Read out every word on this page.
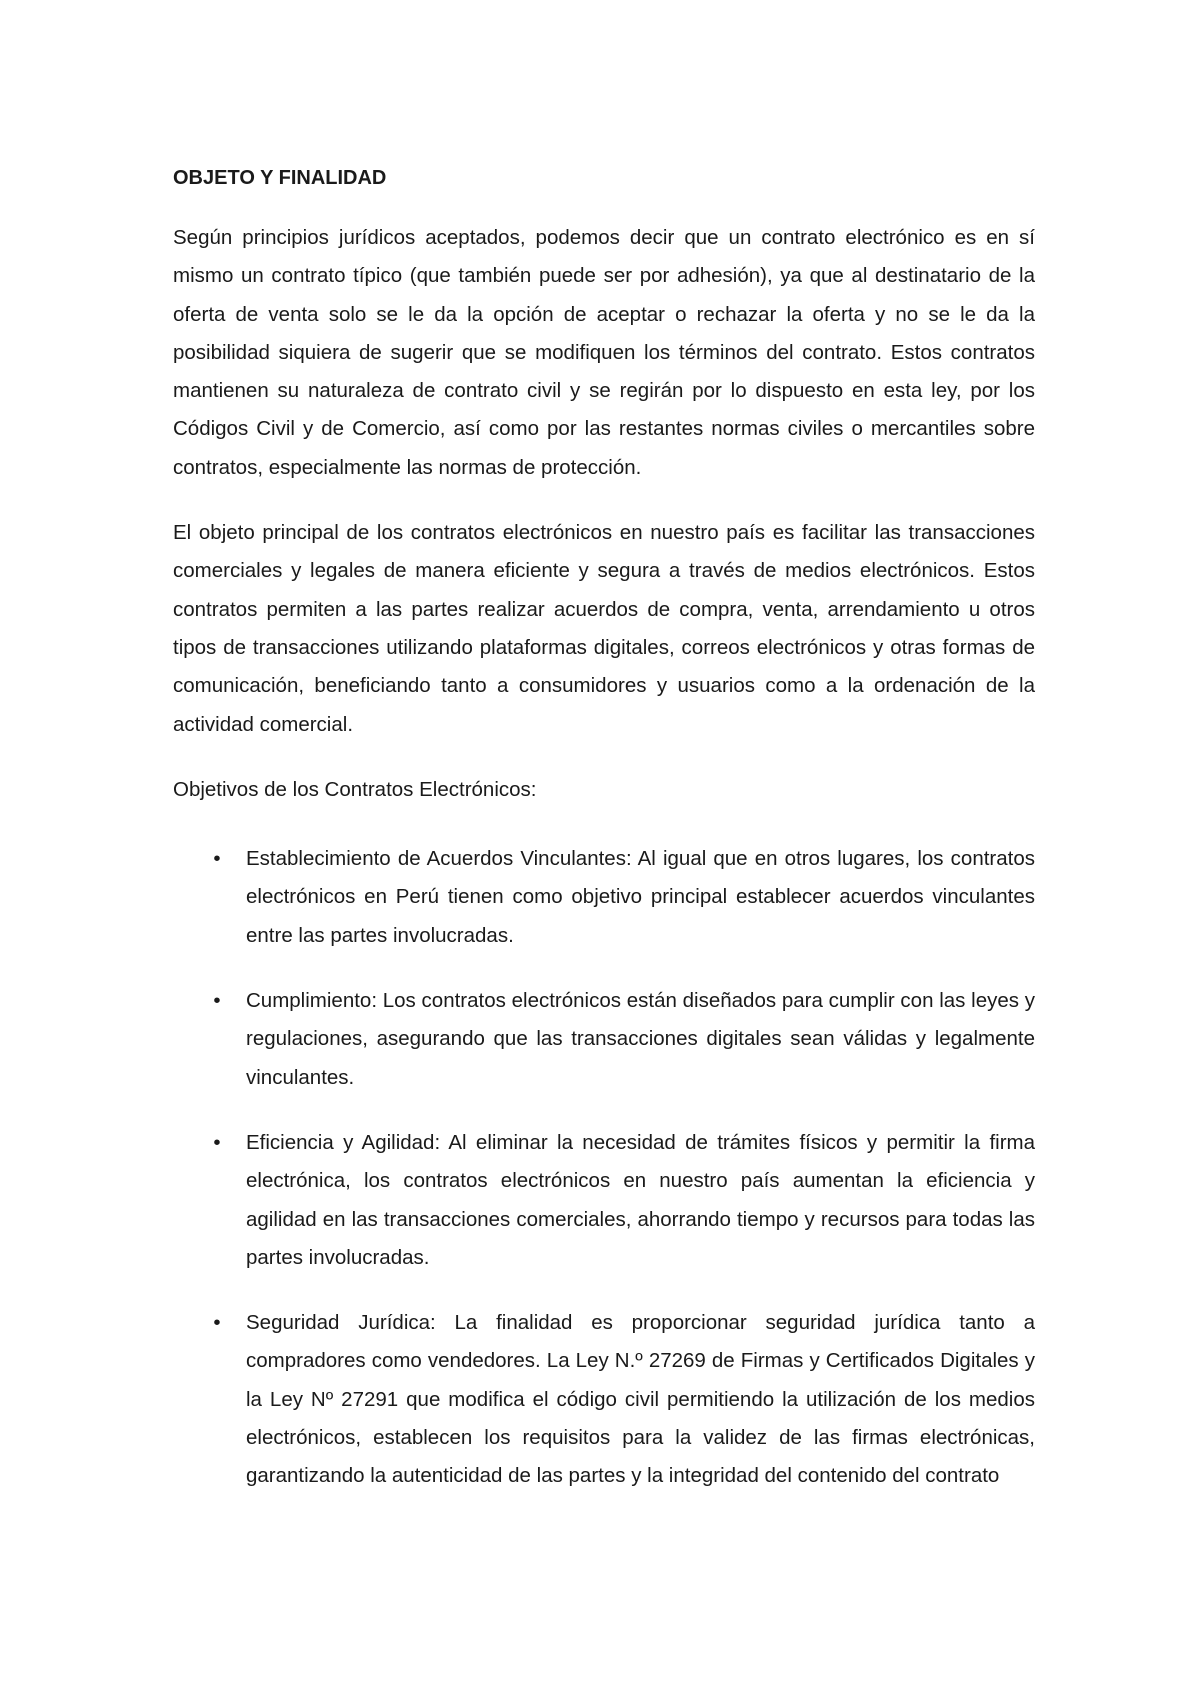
OBJETO Y FINALIDAD

Según principios jurídicos aceptados, podemos decir que un contrato electrónico es en sí mismo un contrato típico (que también puede ser por adhesión), ya que al destinatario de la oferta de venta solo se le da la opción de aceptar o rechazar la oferta y no se le da la posibilidad siquiera de sugerir que se modifiquen los términos del contrato. Estos contratos mantienen su naturaleza de contrato civil y se regirán por lo dispuesto en esta ley, por los Códigos Civil y de Comercio, así como por las restantes normas civiles o mercantiles sobre contratos, especialmente las normas de protección.

El objeto principal de los contratos electrónicos en nuestro país es facilitar las transacciones comerciales y legales de manera eficiente y segura a través de medios electrónicos. Estos contratos permiten a las partes realizar acuerdos de compra, venta, arrendamiento u otros tipos de transacciones utilizando plataformas digitales, correos electrónicos y otras formas de comunicación, beneficiando tanto a consumidores y usuarios como a la ordenación de la actividad comercial.

Objetivos de los Contratos Electrónicos:

• Establecimiento de Acuerdos Vinculantes: Al igual que en otros lugares, los contratos electrónicos en Perú tienen como objetivo principal establecer acuerdos vinculantes entre las partes involucradas.
• Cumplimiento: Los contratos electrónicos están diseñados para cumplir con las leyes y regulaciones, asegurando que las transacciones digitales sean válidas y legalmente vinculantes.
• Eficiencia y Agilidad: Al eliminar la necesidad de trámites físicos y permitir la firma electrónica, los contratos electrónicos en nuestro país aumentan la eficiencia y agilidad en las transacciones comerciales, ahorrando tiempo y recursos para todas las partes involucradas.
• Seguridad Jurídica: La finalidad es proporcionar seguridad jurídica tanto a compradores como vendedores. La Ley N.º 27269 de Firmas y Certificados Digitales y la Ley Nº 27291 que modifica el código civil permitiendo la utilización de los medios electrónicos, establecen los requisitos para la validez de las firmas electrónicas, garantizando la autenticidad de las partes y la integridad del contenido del contrato
